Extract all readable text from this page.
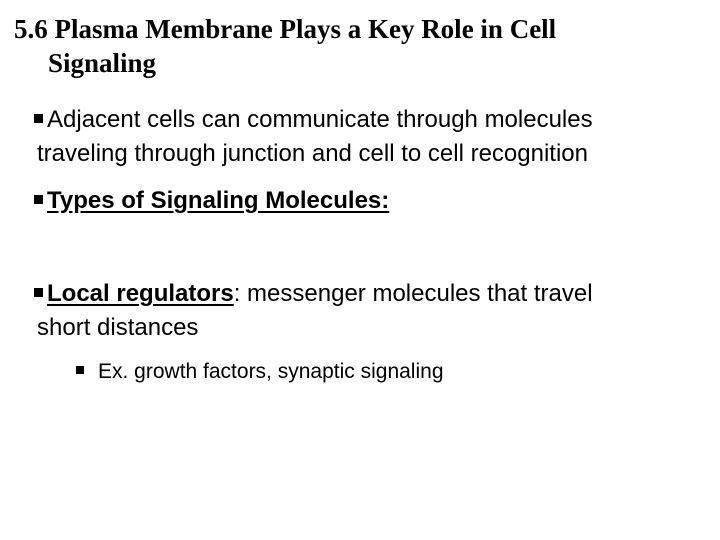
5.6 Plasma Membrane Plays a Key Role in Cell
Signaling
Adjacent cells can communicate through molecules
traveling through junction and cell to cell recognition
Types of Signaling Molecules:
Local regulators: messenger molecules that travel
short distances
Ex. growth factors, synaptic signaling
